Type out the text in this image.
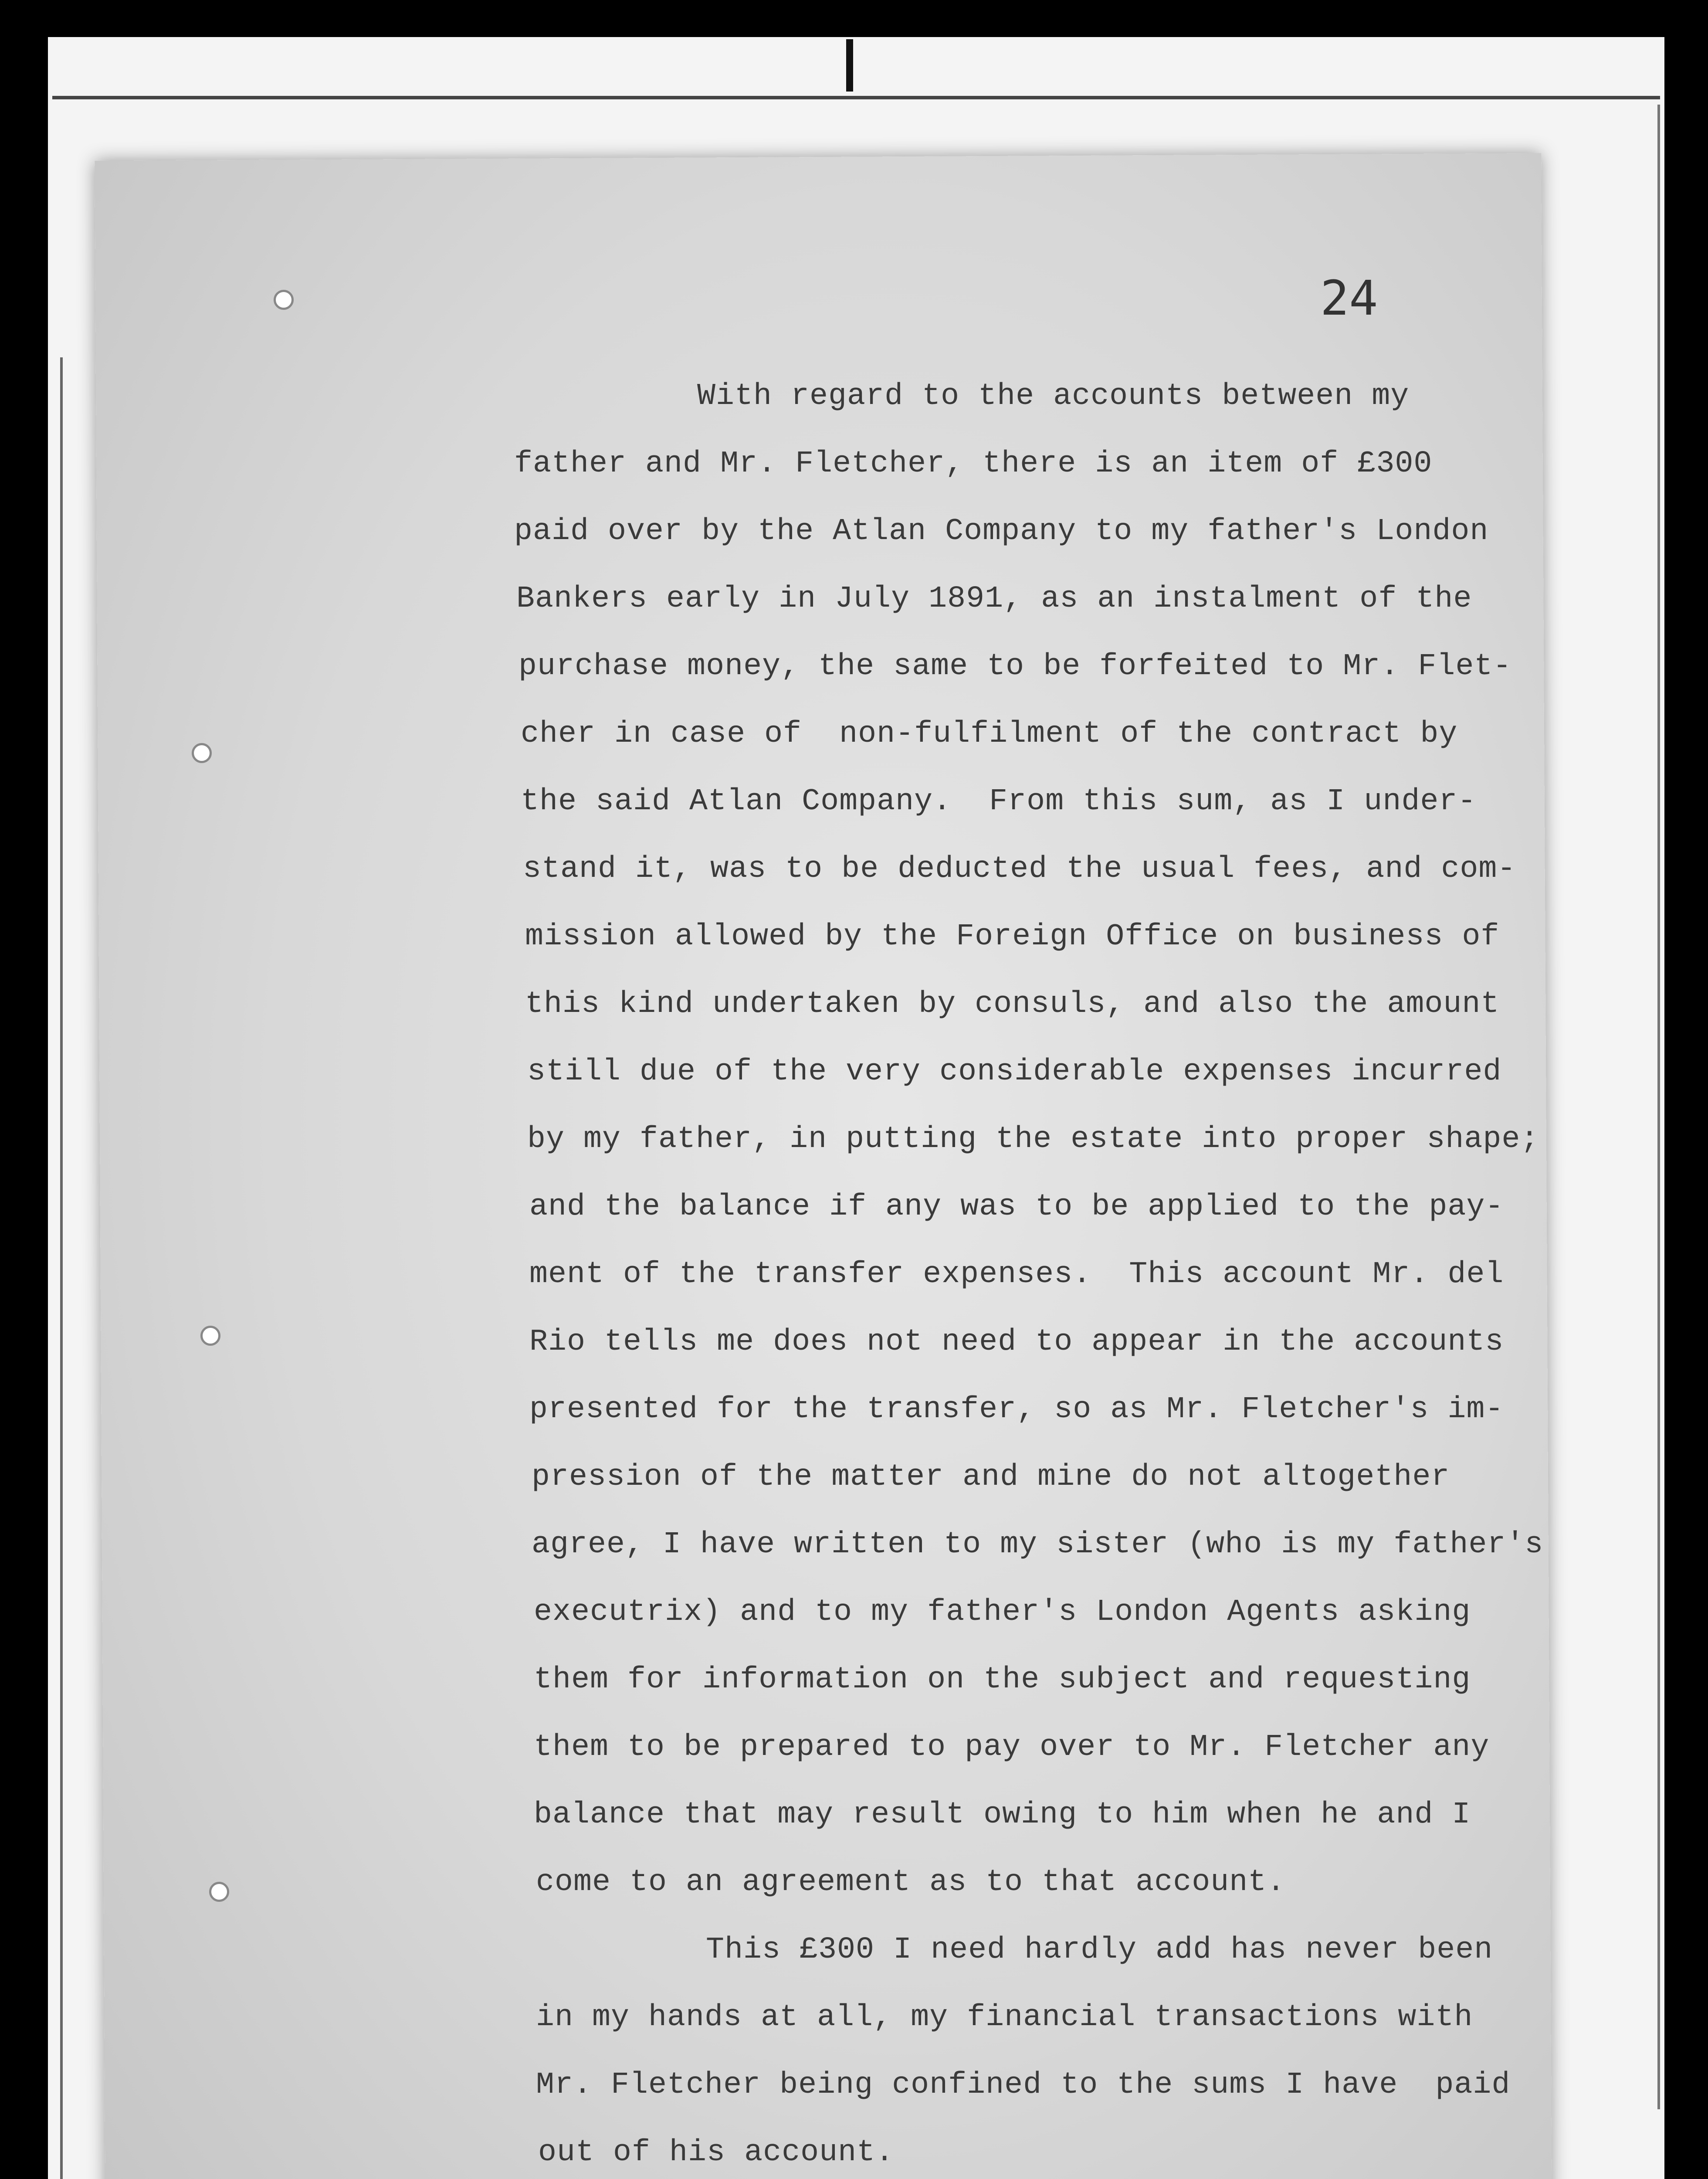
24
With regard to the accounts between my
father and Mr. Fletcher, there is an item of £300
paid over by the Atlan Company to my father's London
Bankers early in July 1891, as an instalment of the
purchase money, the same to be forfeited to Mr. Flet-
cher in case of  non-fulfilment of the contract by
the said Atlan Company.  From this sum, as I under-
stand it, was to be deducted the usual fees, and com-
mission allowed by the Foreign Office on business of
this kind undertaken by consuls, and also the amount
still due of the very considerable expenses incurred
by my father, in putting the estate into proper shape;
and the balance if any was to be applied to the pay-
ment of the transfer expenses.  This account Mr. del
Rio tells me does not need to appear in the accounts
presented for the transfer, so as Mr. Fletcher's im-
pression of the matter and mine do not altogether
agree, I have written to my sister (who is my father's
executrix) and to my father's London Agents asking
them for information on the subject and requesting
them to be prepared to pay over to Mr. Fletcher any
balance that may result owing to him when he and I
come to an agreement as to that account.
This £300 I need hardly add has never been
in my hands at all, my financial transactions with
Mr. Fletcher being confined to the sums I have  paid
out of his account.
